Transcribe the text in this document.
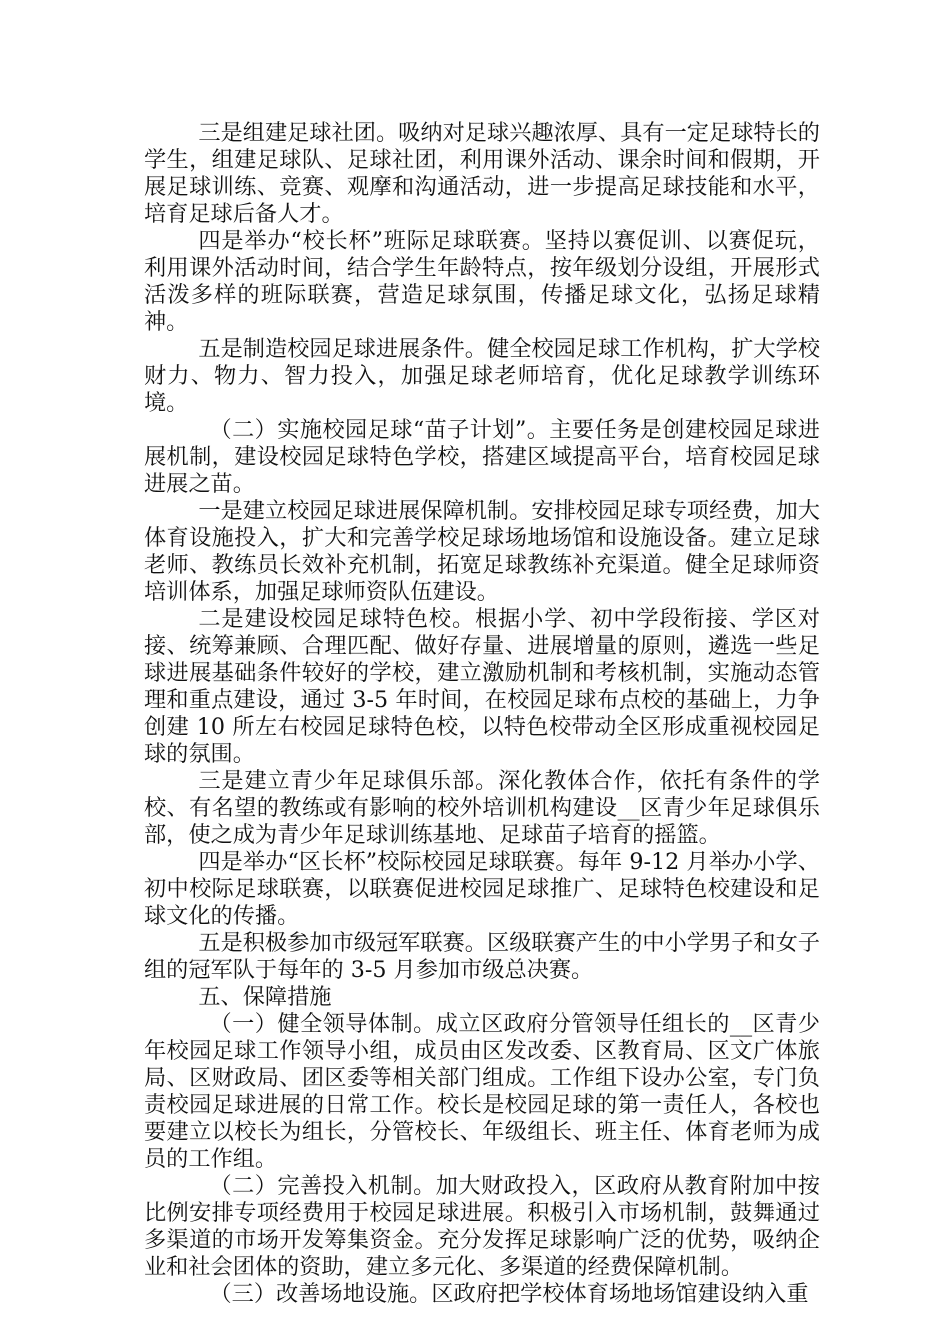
三是组建足球社团。吸纳对足球兴趣浓厚、具有一定足球特长的学生，组建足球队、足球社团，利用课外活动、课余时间和假期，开展足球训练、竞赛、观摩和沟通活动，进一步提高足球技能和水平，培育足球后备人才。

四是举办“校长杯”班际足球联赛。坚持以赛促训、以赛促玩，利用课外活动时间，结合学生年龄特点，按年级划分设组，开展形式活泼多样的班际联赛，营造足球氛围，传播足球文化，弘扬足球精神。

五是制造校园足球进展条件。健全校园足球工作机构，扩大学校财力、物力、智力投入，加强足球老师培育，优化足球教学训练环境。

（二）实施校园足球“苗子计划”。主要任务是创建校园足球进展机制，建设校园足球特色学校，搭建区域提高平台，培育校园足球进展之苗。

一是建立校园足球进展保障机制。安排校园足球专项经费，加大体育设施投入，扩大和完善学校足球场地场馆和设施设备。建立足球老师、教练员长效补充机制，拓宽足球教练补充渠道。健全足球师资培训体系，加强足球师资队伍建设。

二是建设校园足球特色校。根据小学、初中学段衔接、学区对接、统筹兼顾、合理匹配、做好存量、进展增量的原则，遴选一些足球进展基础条件较好的学校，建立激励机制和考核机制，实施动态管理和重点建设，通过 3-5 年时间，在校园足球布点校的基础上，力争创建 10 所左右校园足球特色校，以特色校带动全区形成重视校园足球的氛围。

三是建立青少年足球俱乐部。深化教体合作，依托有条件的学校、有名望的教练或有影响的校外培训机构建设__区青少年足球俱乐部，使之成为青少年足球训练基地、足球苗子培育的摇篮。

四是举办“区长杯”校际校园足球联赛。每年 9-12 月举办小学、初中校际足球联赛，以联赛促进校园足球推广、足球特色校建设和足球文化的传播。

五是积极参加市级冠军联赛。区级联赛产生的中小学男子和女子组的冠军队于每年的 3-5 月参加市级总决赛。

五、保障措施

（一）健全领导体制。成立区政府分管领导任组长的__区青少年校园足球工作领导小组，成员由区发改委、区教育局、区文广体旅局、区财政局、团区委等相关部门组成。工作组下设办公室，专门负责校园足球进展的日常工作。校长是校园足球的第一责任人，各校也要建立以校长为组长，分管校长、年级组长、班主任、体育老师为成员的工作组。

（二）完善投入机制。加大财政投入，区政府从教育附加中按比例安排专项经费用于校园足球进展。积极引入市场机制，鼓舞通过多渠道的市场开发筹集资金。充分发挥足球影响广泛的优势，吸纳企业和社会团体的资助，建立多元化、多渠道的经费保障机制。

（三）改善场地设施。区政府把学校体育场地场馆建设纳入重
